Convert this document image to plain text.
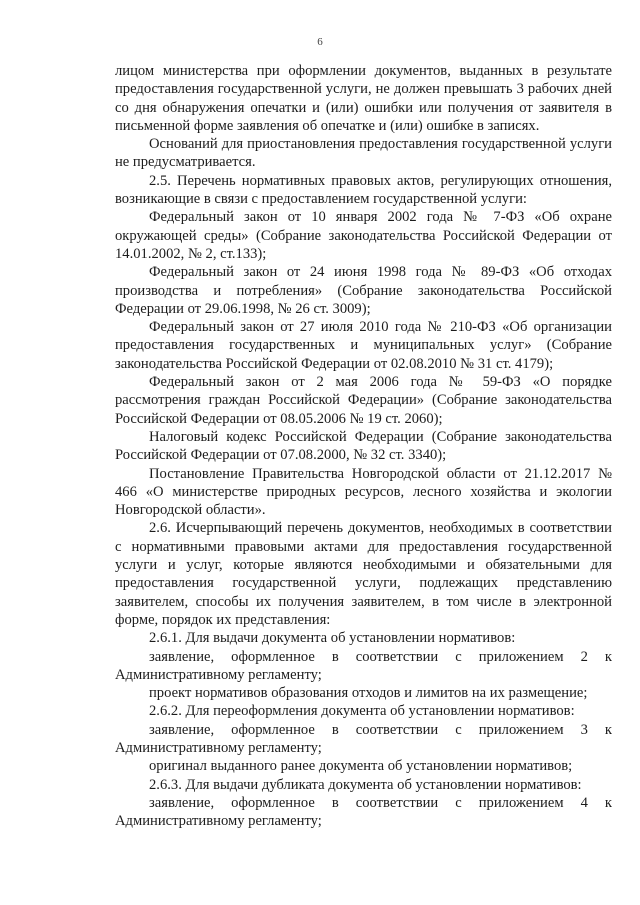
6

лицом министерства при оформлении документов, выданных в результате предоставления государственной услуги, не должен превышать 3 рабочих дней со дня обнаружения опечатки и (или) ошибки или получения от заявителя в письменной форме заявления об опечатке и (или) ошибке в записях.

Оснований для приостановления предоставления государственной услуги не предусматривается.

2.5. Перечень нормативных правовых актов, регулирующих отношения, возникающие в связи с предоставлением государственной услуги:

Федеральный закон от 10 января 2002 года № 7-ФЗ «Об охране окружающей среды» (Собрание законодательства Российской Федерации от 14.01.2002, № 2, ст.133);

Федеральный закон от 24 июня 1998 года № 89-ФЗ «Об отходах производства и потребления» (Собрание законодательства Российской Федерации от 29.06.1998, № 26 ст. 3009);

Федеральный закон от 27 июля 2010 года № 210-ФЗ «Об организации предоставления государственных и муниципальных услуг» (Собрание законодательства Российской Федерации от 02.08.2010 № 31 ст. 4179);

Федеральный закон от 2 мая 2006 года № 59-ФЗ «О порядке рассмотрения граждан Российской Федерации» (Собрание законодательства Российской Федерации от 08.05.2006 № 19 ст. 2060);

Налоговый кодекс Российской Федерации (Собрание законодательства Российской Федерации от 07.08.2000, № 32 ст. 3340);

Постановление Правительства Новгородской области от 21.12.2017 № 466 «О министерстве природных ресурсов, лесного хозяйства и экологии Новгородской области».

2.6. Исчерпывающий перечень документов, необходимых в соответствии с нормативными правовыми актами для предоставления государственной услуги и услуг, которые являются необходимыми и обязательными для предоставления государственной услуги, подлежащих представлению заявителем, способы их получения заявителем, в том числе в электронной форме, порядок их представления:

2.6.1. Для выдачи документа об установлении нормативов:

заявление, оформленное в соответствии с приложением 2 к Административному регламенту;

проект нормативов образования отходов и лимитов на их размещение;

2.6.2. Для переоформления документа об установлении нормативов:

заявление, оформленное в соответствии с приложением 3 к Административному регламенту;

оригинал выданного ранее документа об установлении нормативов;

2.6.3. Для выдачи дубликата документа об установлении нормативов:

заявление, оформленное в соответствии с приложением 4 к Административному регламенту;
